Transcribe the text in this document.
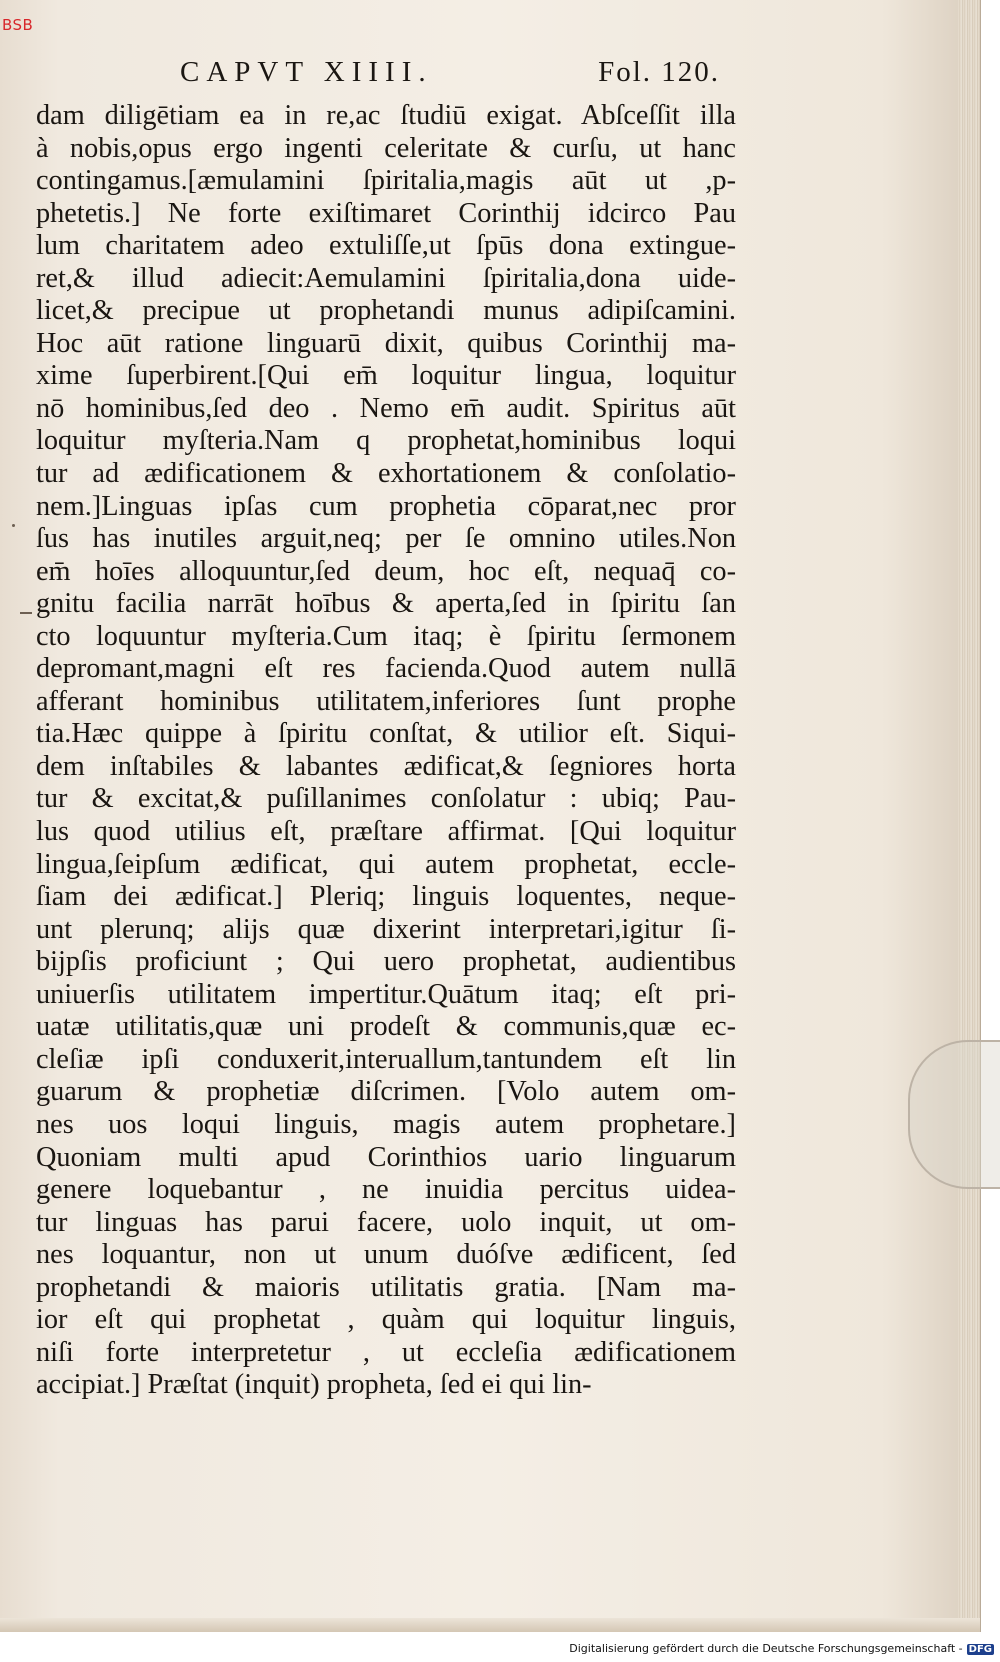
CAPVT XIIII.	Fol. 120.
dam diligētiam ea in re,ac ſtudiū exigat. Abſceſſit illa
à nobis,opus ergo ingenti celeritate & curſu, ut hanc
contingamus.[æmulamini ſpiritalia,magis aūt ut ,p-
phetetis.] Ne forte exiſtimaret Corinthij idcirco Pau
lum charitatem adeo extuliſſe,ut ſpūs dona extingue-
ret,& illud adiecit:Aemulamini ſpiritalia,dona uide-
licet,& precipue ut prophetandi munus adipiſcamini.
Hoc aūt ratione linguarū dixit, quibus Corinthij ma-
xime ſuperbirent.[Qui em̄ loquitur lingua, loquitur
nō hominibus,ſed deo . Nemo em̄ audit. Spiritus aūt
loquitur myſteria.Nam q prophetat,hominibus loqui
tur ad ædificationem & exhortationem & conſolatio-
nem.]Linguas ipſas cum prophetia cōparat,nec pror
ſus has inutiles arguit,neq; per ſe omnino utiles.Non
em̄ hoīes alloquuntur,ſed deum, hoc eſt, nequaq̄ co-
gnitu facilia narrāt hoībus & aperta,ſed in ſpiritu ſan
cto loquuntur myſteria.Cum itaq; è ſpiritu ſermonem
depromant,magni eſt res facienda.Quod autem nullā
afferant hominibus utilitatem,inferiores ſunt prophe
tia.Hæc quippe à ſpiritu conſtat, & utilior eſt. Siqui-
dem inſtabiles & labantes ædificat,& ſegniores horta
tur & excitat,& puſillanimes conſolatur : ubiq; Pau-
lus quod utilius eſt, præſtare affirmat. [Qui loquitur
lingua,ſeipſum ædificat, qui autem prophetat, eccle-
ſiam dei ædificat.] Pleriq; linguis loquentes, neque-
unt plerunq; alijs quæ dixerint interpretari,igitur ſi-
bijpſis proficiunt ; Qui uero prophetat, audientibus
uniuerſis utilitatem impertitur.Quātum itaq; eſt pri-
uatæ utilitatis,quæ uni prodeſt & communis,quæ ec-
cleſiæ ipſi conduxerit,interuallum,tantundem eſt lin
guarum & prophetiæ diſcrimen. [Volo autem om-
nes uos loqui linguis, magis autem prophetare.]
Quoniam multi apud Corinthios uario linguarum
genere loquebantur , ne inuidia percitus uidea-
tur linguas has parui facere, uolo inquit, ut om-
nes loquantur, non ut unum duóſve ædificent, ſed
prophetandi & maioris utilitatis gratia. [Nam ma-
ior eſt qui prophetat , quàm qui loquitur linguis,
niſi forte interpretetur , ut eccleſia ædificationem
accipiat.] Præſtat (inquit) propheta, ſed ei qui lin-
BSB
Digitalisierung gefördert durch die Deutsche Forschungsgemeinschaft - DFG
